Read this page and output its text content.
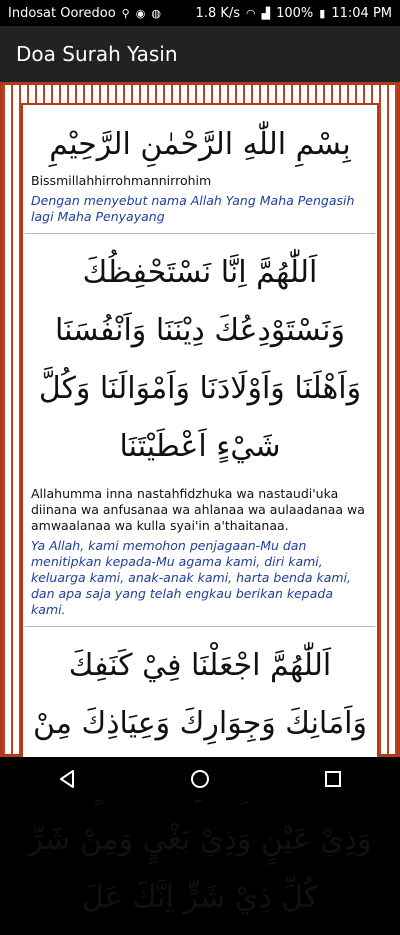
Indosat Ooredoo ⚲ ◉ ◍	1.8 K/s ◠ ▟ 100% ▮ 11:04 PM
Doa Surah Yasin
بِسْمِ اللّٰهِ الرَّحْمٰنِ الرَّحِيْمِ
Bissmillahhirrohmannirrohim
Dengan menyebut nama Allah Yang Maha Pengasih lagi Maha Penyayang
اَللّٰهُمَّ اِنَّا نَسْتَحْفِظُكَ وَنَسْتَوْدِعُكَ دِيْنَنَا وَاَنْفُسَنَا وَاَهْلَنَا وَاَوْلَادَنَا وَاَمْوَالَنَا وَكُلَّ شَيْءٍ اَعْطَيْتَنَا
Allahumma inna nastahfidzhuka wa nastaudi'uka diinana wa anfusanaa wa ahlanaa wa aulaadanaa wa amwaalanaa wa kulla syai'in a'thaitanaa.
Ya Allah, kami memohon penjagaan-Mu dan menitipkan kepada-Mu agama kami, diri kami, keluarga kami, anak-anak kami, harta benda kami, dan apa saja yang telah engkau berikan kepada kami.
اَللّٰهُمَّ اجْعَلْنَا فِيْ كَنَفِكَ وَاَمَانِكَ وَجِوَارِكَ وَعِيَاذِكَ مِنْ وَذِيْ عَيْنٍ وَذِيْ بَغْيٍ وَمِنْ شَرِّ كُلِّ ذِيْ شَرٍّ اِنَّكَ عَلَ
